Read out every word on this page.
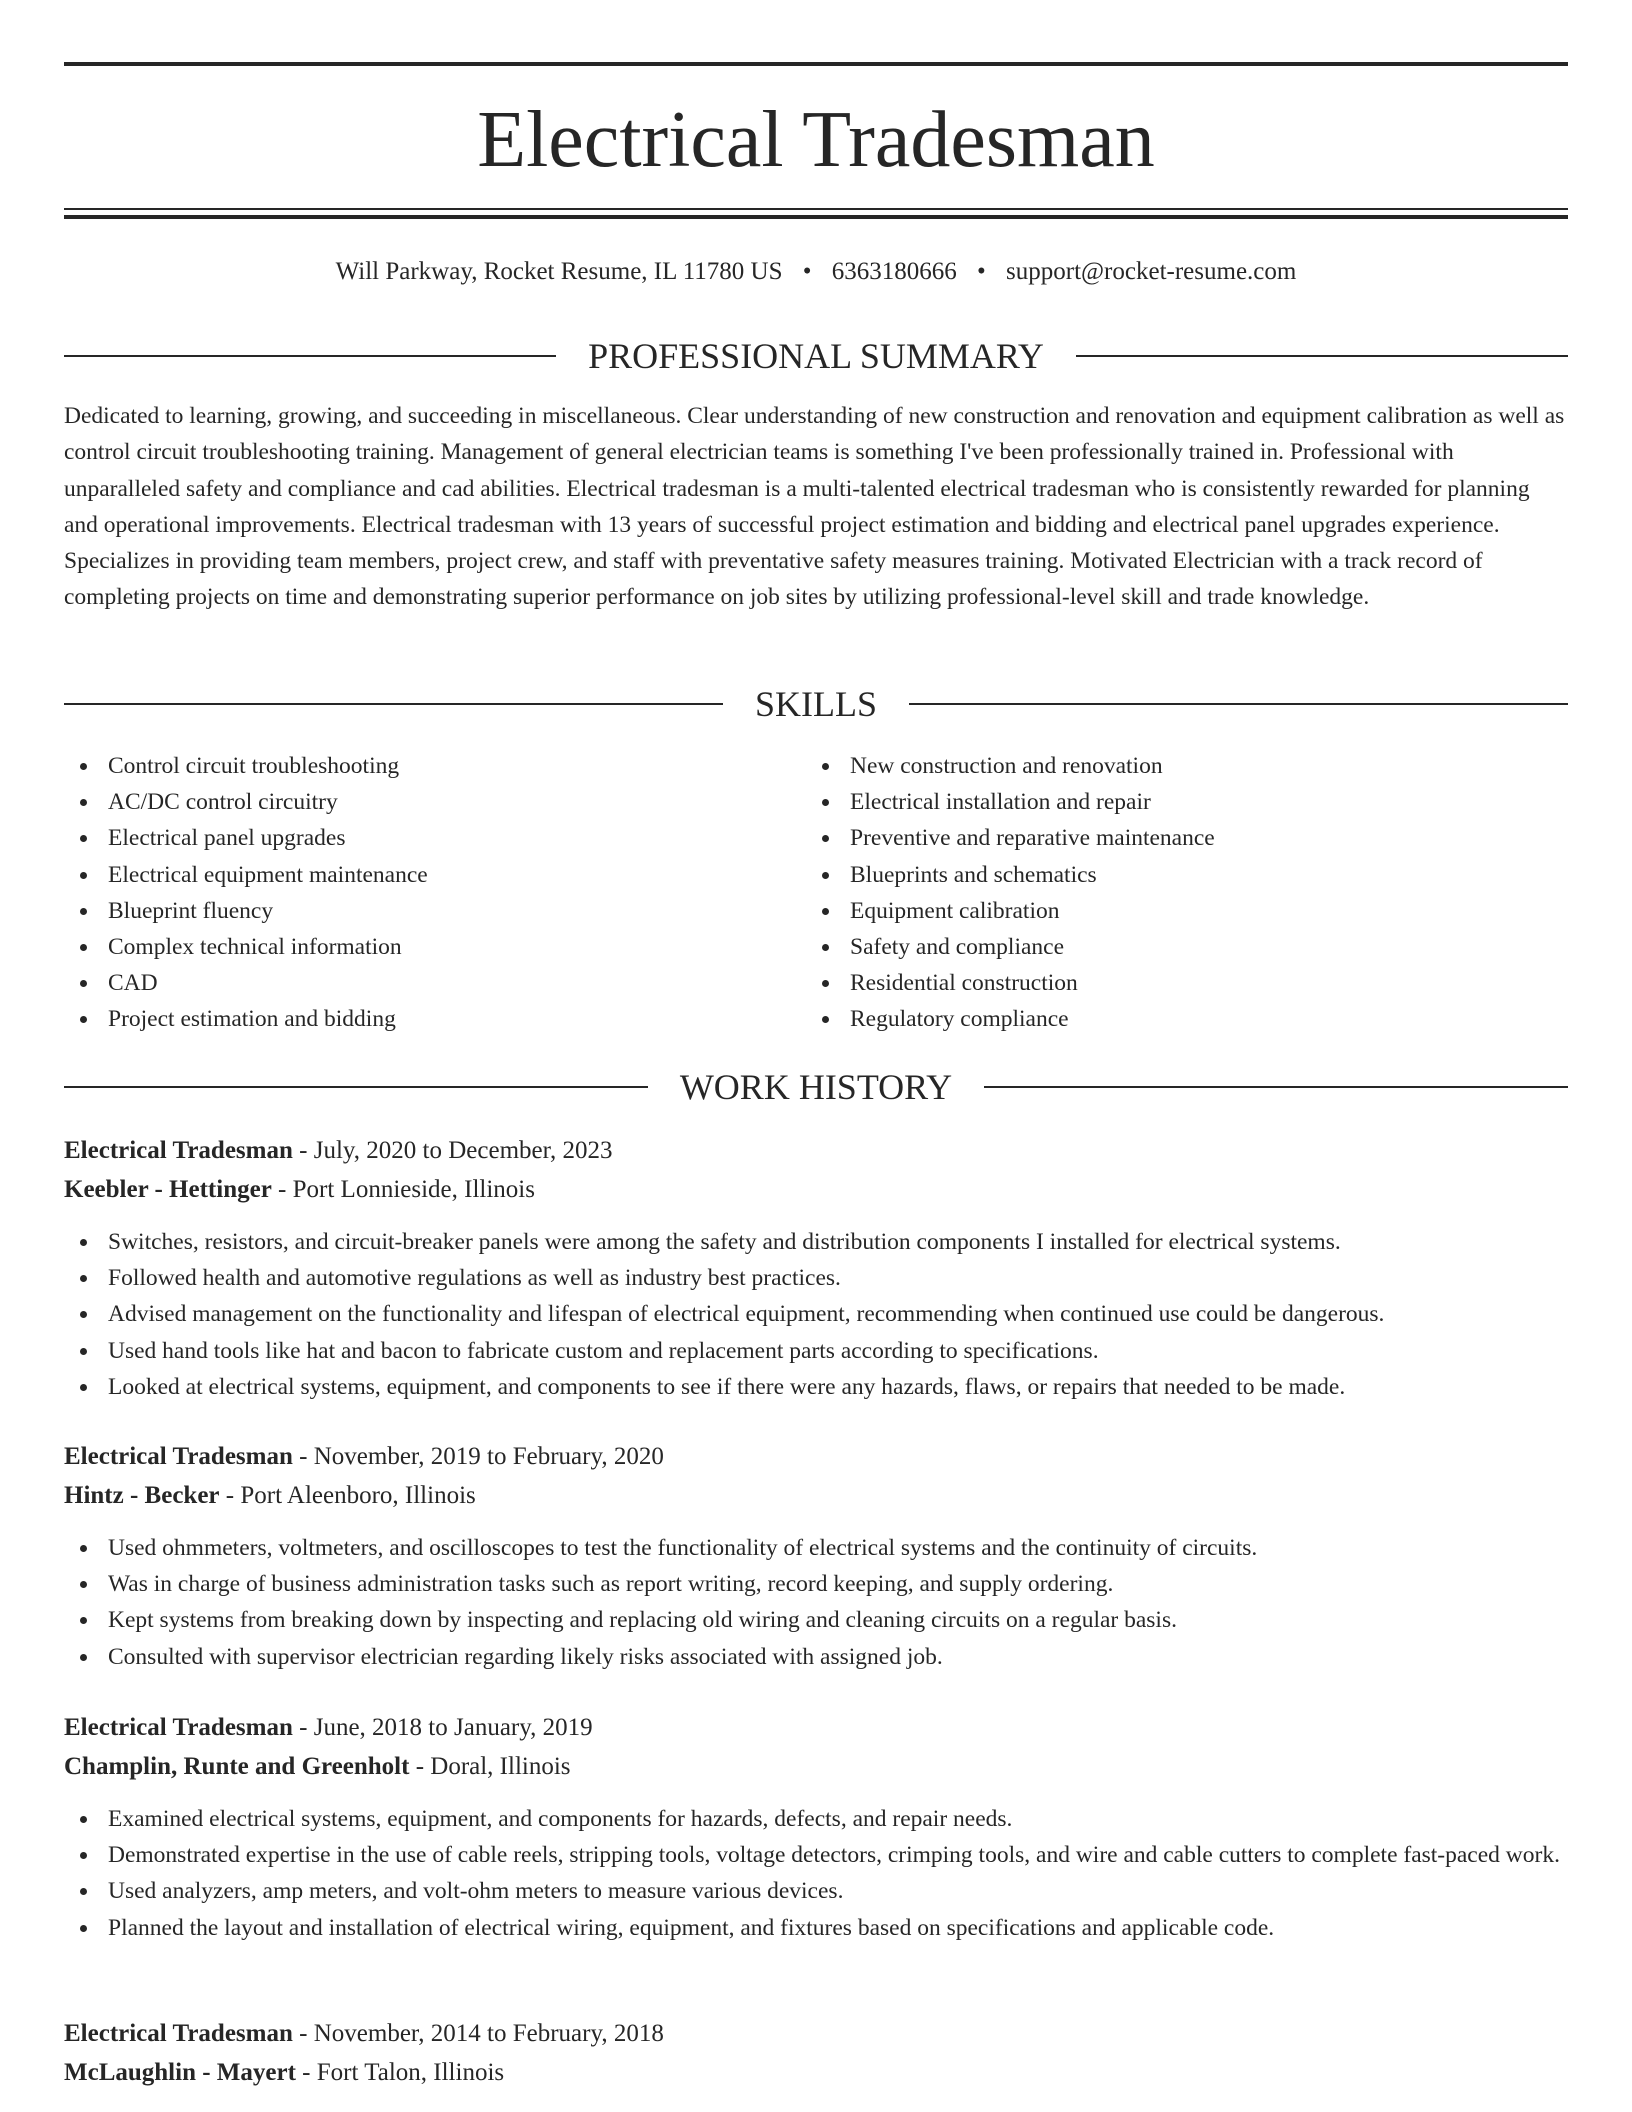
Electrical Tradesman
Will Parkway, Rocket Resume, IL 11780 US • 6363180666 • support@rocket-resume.com
PROFESSIONAL SUMMARY

Dedicated to learning, growing, and succeeding in miscellaneous. Clear understanding of new construction and renovation and equipment calibration as well as control circuit troubleshooting training. Management of general electrician teams is something I've been professionally trained in. Professional with unparalleled safety and compliance and cad abilities. Electrical tradesman is a multi-talented electrical tradesman who is consistently rewarded for planning and operational improvements. Electrical tradesman with 13 years of successful project estimation and bidding and electrical panel upgrades experience. Specializes in providing team members, project crew, and staff with preventative safety measures training. Motivated Electrician with a track record of completing projects on time and demonstrating superior performance on job sites by utilizing professional-level skill and trade knowledge.

SKILLS
Control circuit troubleshooting
AC/DC control circuitry
Electrical panel upgrades
Electrical equipment maintenance
Blueprint fluency
Complex technical information
CAD
Project estimation and bidding
New construction and renovation
Electrical installation and repair
Preventive and reparative maintenance
Blueprints and schematics
Equipment calibration
Safety and compliance
Residential construction
Regulatory compliance
WORK HISTORY
Electrical Tradesman - July, 2020 to December, 2023
Keebler - Hettinger - Port Lonnieside, Illinois
Switches, resistors, and circuit-breaker panels were among the safety and distribution components I installed for electrical systems.
Followed health and automotive regulations as well as industry best practices.
Advised management on the functionality and lifespan of electrical equipment, recommending when continued use could be dangerous.
Used hand tools like hat and bacon to fabricate custom and replacement parts according to specifications.
Looked at electrical systems, equipment, and components to see if there were any hazards, flaws, or repairs that needed to be made.
Electrical Tradesman - November, 2019 to February, 2020
Hintz - Becker - Port Aleenboro, Illinois
Used ohmmeters, voltmeters, and oscilloscopes to test the functionality of electrical systems and the continuity of circuits.
Was in charge of business administration tasks such as report writing, record keeping, and supply ordering.
Kept systems from breaking down by inspecting and replacing old wiring and cleaning circuits on a regular basis.
Consulted with supervisor electrician regarding likely risks associated with assigned job.
Electrical Tradesman - June, 2018 to January, 2019
Champlin, Runte and Greenholt - Doral, Illinois
Examined electrical systems, equipment, and components for hazards, defects, and repair needs.
Demonstrated expertise in the use of cable reels, stripping tools, voltage detectors, crimping tools, and wire and cable cutters to complete fast-paced work.
Used analyzers, amp meters, and volt-ohm meters to measure various devices.
Planned the layout and installation of electrical wiring, equipment, and fixtures based on specifications and applicable code.
Electrical Tradesman - November, 2014 to February, 2018
McLaughlin - Mayert - Fort Talon, Illinois
